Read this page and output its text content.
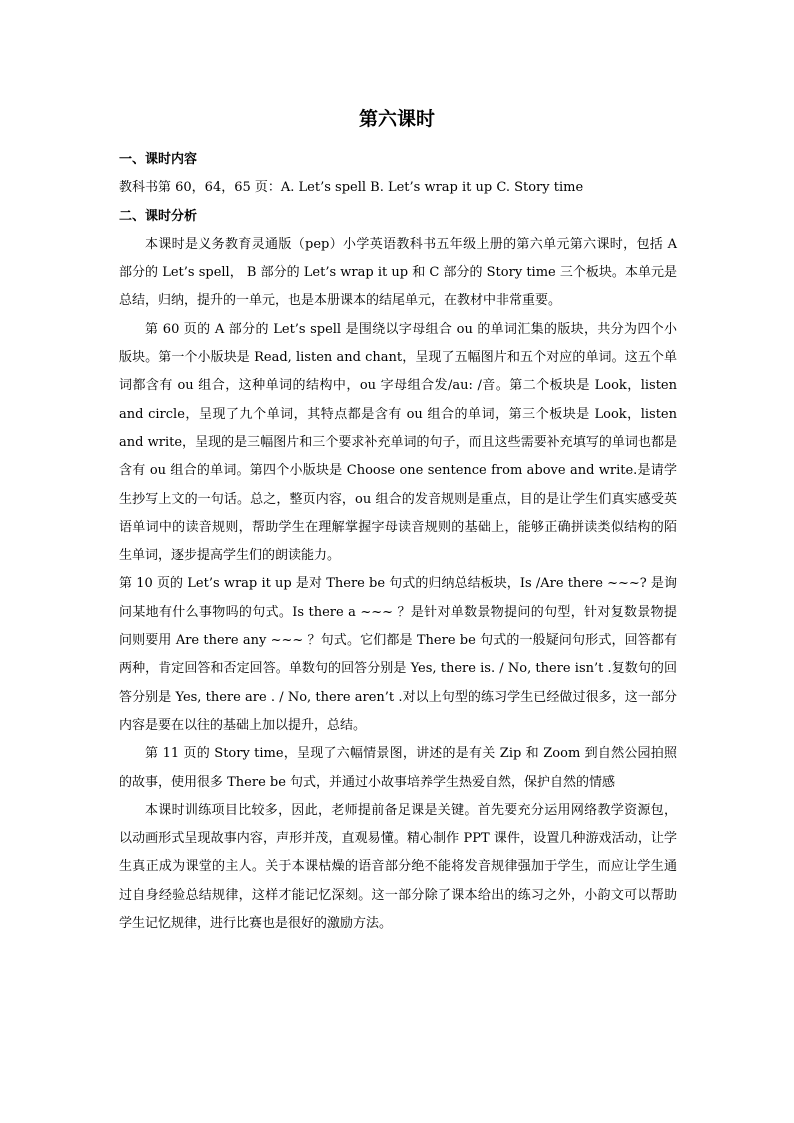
第六课时

一、课时内容

教科书第 60，64，65 页：A. Let’s spell B. Let’s wrap it up C. Story time

二、课时分析

本课时是义务教育灵通版（pep）小学英语教科书五年级上册的第六单元第六课时，包括 A 部分的 Let’s spell， B 部分的 Let’s wrap it up 和 C 部分的 Story time 三个板块。本单元是总结，归纳，提升的一单元，也是本册课本的结尾单元，在教材中非常重要。

第 60 页的 A 部分的 Let’s spell 是围绕以字母组合 ou 的单词汇集的版块，共分为四个小版块。第一个小版块是 Read, listen and chant，呈现了五幅图片和五个对应的单词。这五个单词都含有 ou 组合，这种单词的结构中，ou 字母组合发/au: /音。第二个板块是 Look，listen and circle，呈现了九个单词，其特点都是含有 ou 组合的单词，第三个板块是 Look，listen and write，呈现的是三幅图片和三个要求补充单词的句子，而且这些需要补充填写的单词也都是含有 ou 组合的单词。第四个小版块是 Choose one sentence from above and write.是请学生抄写上文的一句话。总之，整页内容，ou 组合的发音规则是重点，目的是让学生们真实感受英语单词中的读音规则，帮助学生在理解掌握字母读音规则的基础上，能够正确拼读类似结构的陌生单词，逐步提高学生们的朗读能力。

第 10 页的 Let’s wrap it up 是对 There be 句式的归纳总结板块，Is /Are there ~~~? 是询问某地有什么事物吗的句式。Is there a ~~~ ？是针对单数景物提问的句型，针对复数景物提问则要用 Are there any ~~~ ？句式。它们都是 There be 句式的一般疑问句形式，回答都有两种，肯定回答和否定回答。单数句的回答分别是 Yes, there is. / No, there isn’t .复数句的回答分别是 Yes, there are . / No, there aren’t .对以上句型的练习学生已经做过很多，这一部分内容是要在以往的基础上加以提升，总结。

第 11 页的 Story time，呈现了六幅情景图，讲述的是有关 Zip 和 Zoom 到自然公园拍照的故事，使用很多 There be 句式，并通过小故事培养学生热爱自然，保护自然的情感

本课时训练项目比较多，因此，老师提前备足课是关键。首先要充分运用网络教学资源包，以动画形式呈现故事内容，声形并茂，直观易懂。精心制作 PPT 课件，设置几种游戏活动，让学生真正成为课堂的主人。关于本课枯燥的语音部分绝不能将发音规律强加于学生，而应让学生通过自身经验总结规律，这样才能记忆深刻。这一部分除了课本给出的练习之外，小韵文可以帮助学生记忆规律，进行比赛也是很好的激励方法。
